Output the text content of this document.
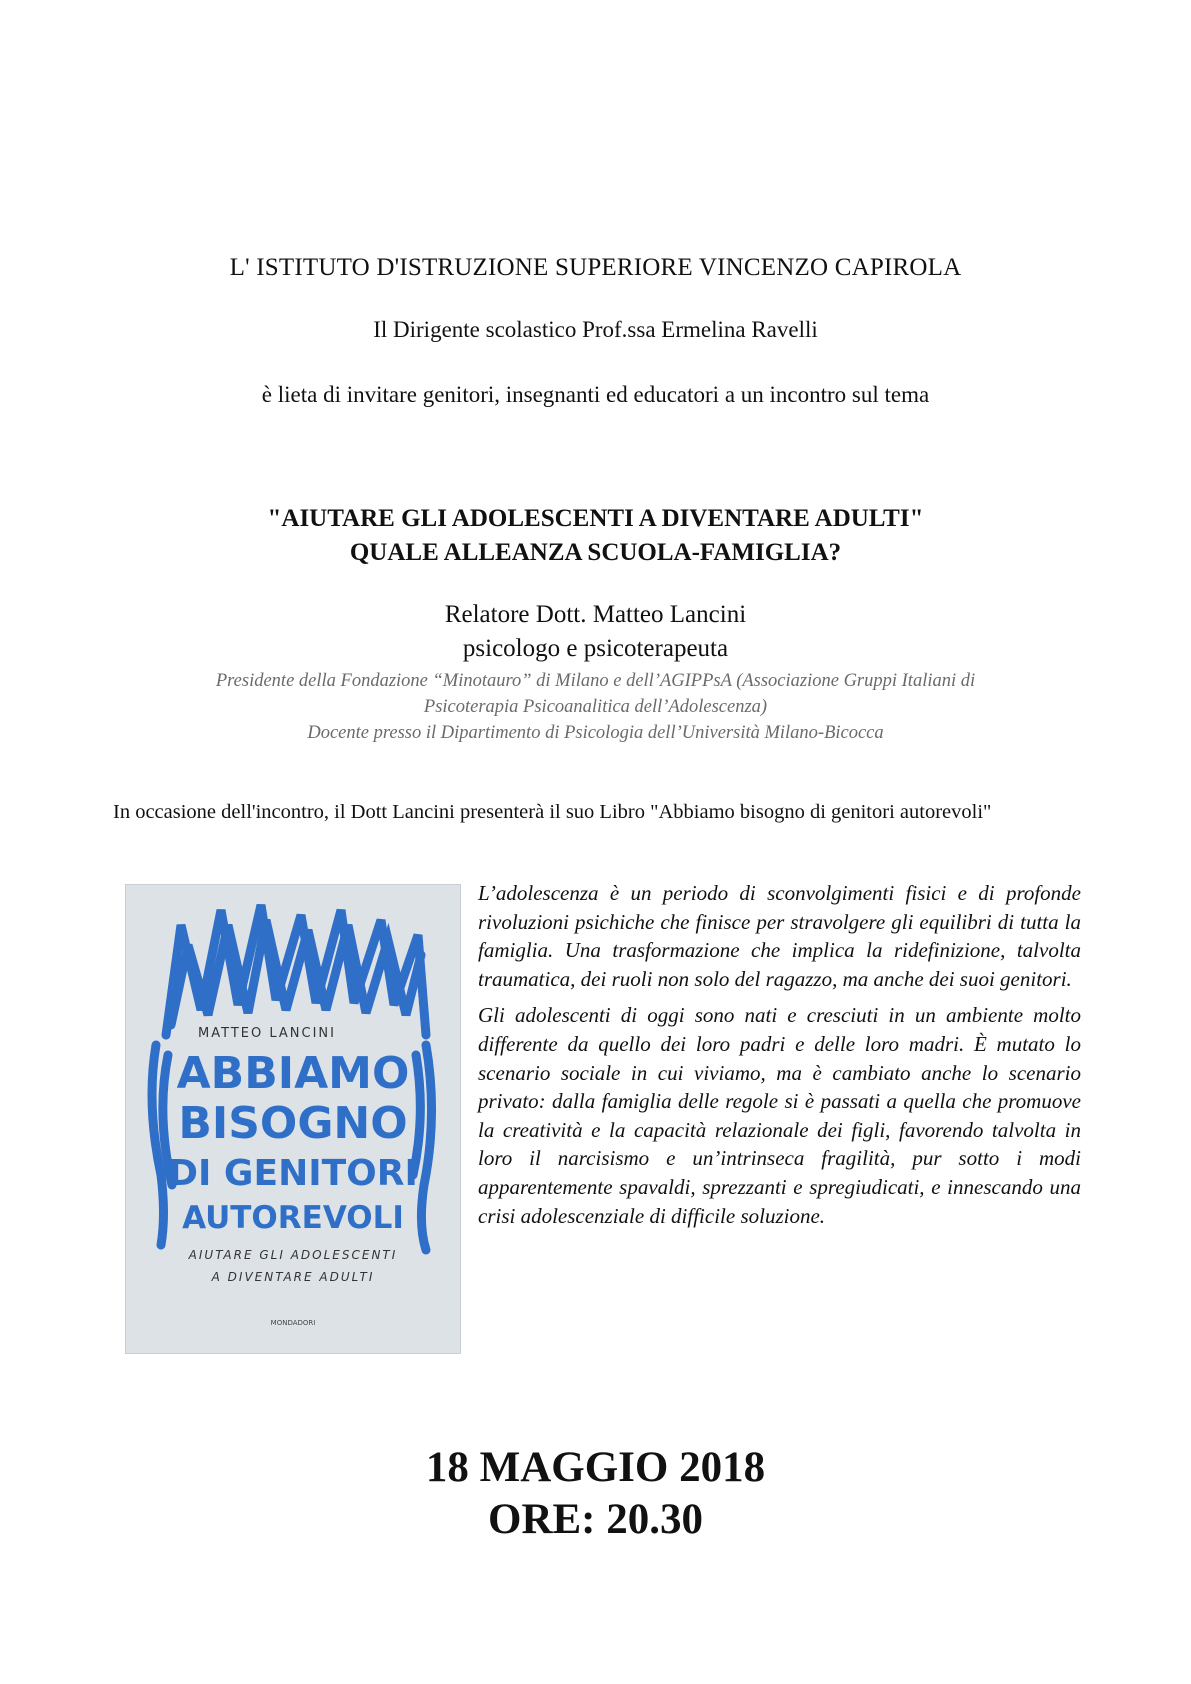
L' ISTITUTO D'ISTRUZIONE SUPERIORE VINCENZO CAPIROLA
Il Dirigente scolastico Prof.ssa Ermelina Ravelli
è lieta di invitare genitori, insegnanti ed educatori a un incontro sul tema
"AIUTARE GLI ADOLESCENTI A DIVENTARE ADULTI"
QUALE ALLEANZA SCUOLA-FAMIGLIA?
Relatore Dott. Matteo Lancini
psicologo e psicoterapeuta
Presidente della Fondazione “Minotauro” di Milano e dell’AGIPPsA (Associazione Gruppi Italiani di
Psicoterapia Psicoanalitica dell’Adolescenza)
Docente presso il Dipartimento di Psicologia dell’Università Milano-Bicocca
In occasione dell'incontro, il Dott Lancini presenterà il suo Libro "Abbiamo bisogno di genitori autorevoli"
MATTEO LANCINI
ABBIAMO
BISOGNO
DI GENITORI
AUTOREVOLI
AIUTARE GLI ADOLESCENTI
A DIVENTARE ADULTI
MONDADORI

L’adolescenza è un periodo di sconvolgimenti fisici e di profonde rivoluzioni psichiche che finisce per stravolgere gli equilibri di tutta la famiglia. Una trasformazione che implica la ridefinizione, talvolta traumatica, dei ruoli non solo del ragazzo, ma anche dei suoi genitori.

Gli adolescenti di oggi sono nati e cresciuti in un ambiente molto differente da quello dei loro padri e delle loro madri. È mutato lo scenario sociale in cui viviamo, ma è cambiato anche lo scenario privato: dalla famiglia delle regole si è passati a quella che promuove la creatività e la capacità relazionale dei figli, favorendo talvolta in loro il narcisismo e un’intrinseca fragilità, pur sotto i modi apparentemente spavaldi, sprezzanti e spregiudicati, e innescando una crisi adolescenziale di difficile soluzione.

18 MAGGIO 2018
ORE: 20.30
